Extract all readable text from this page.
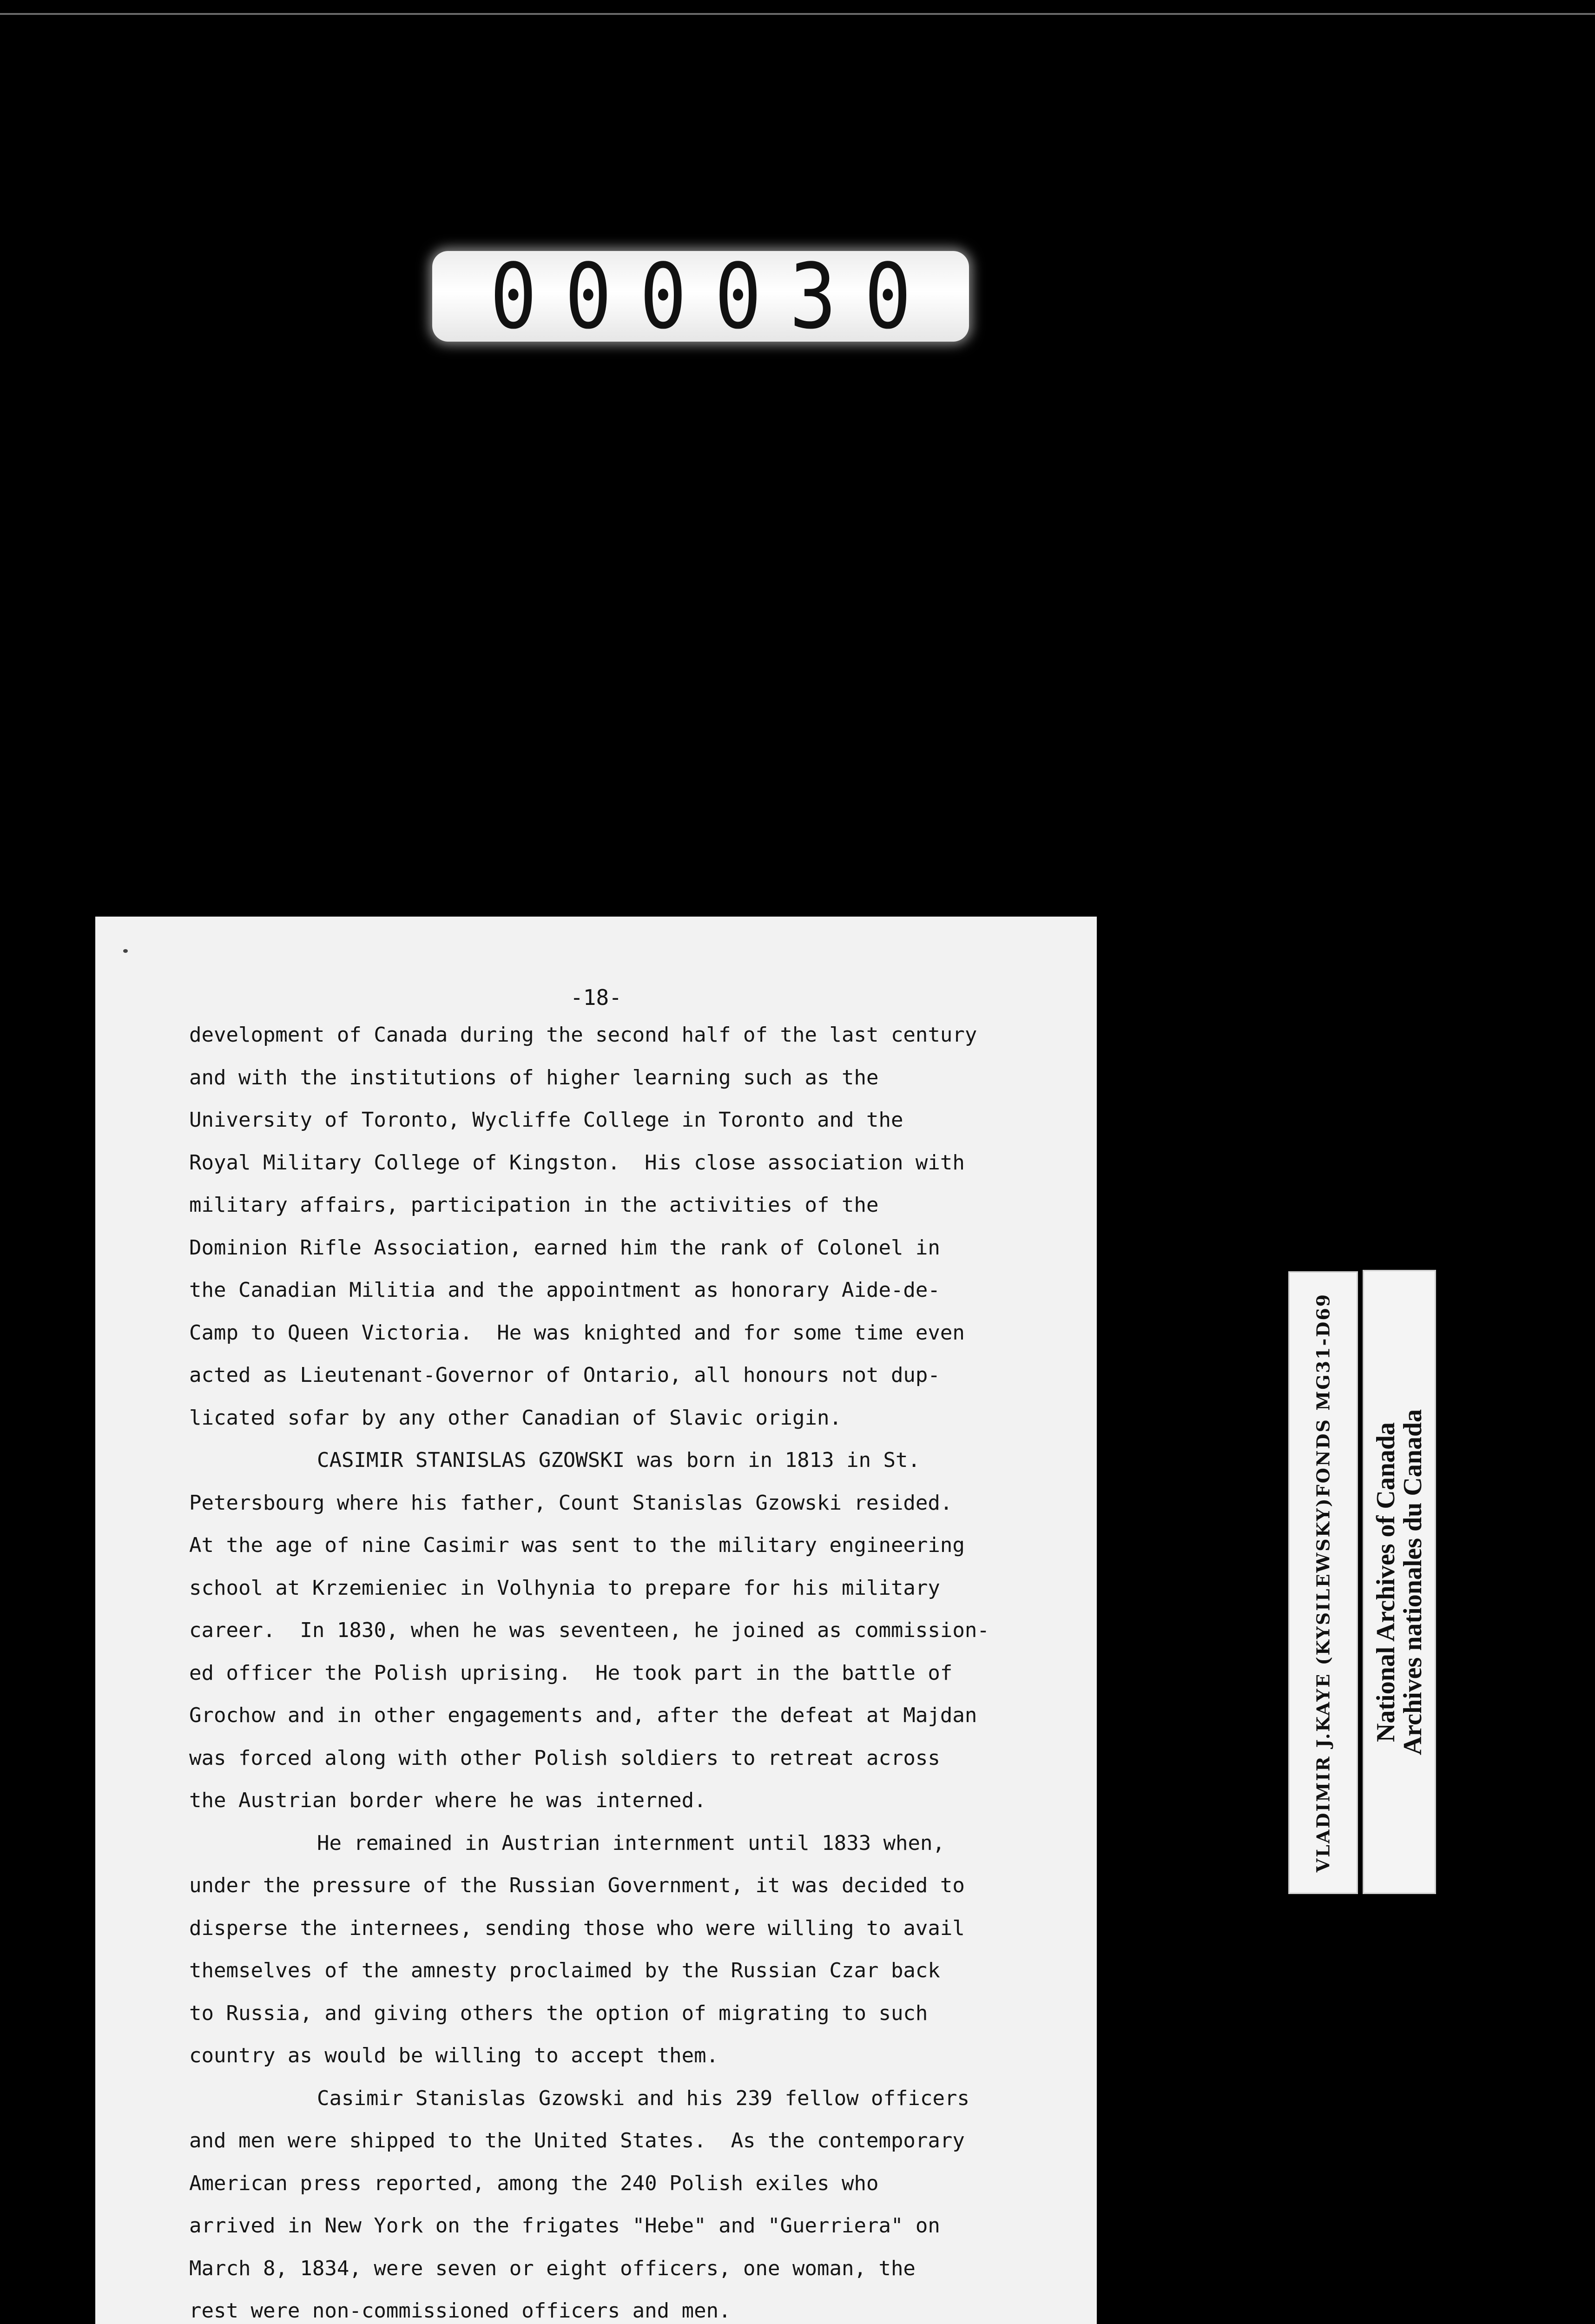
000030
-18-
development of Canada during the second half of the last century
and with the institutions of higher learning such as the
University of Toronto, Wycliffe College in Toronto and the
Royal Military College of Kingston.  His close association with
military affairs, participation in the activities of the
Dominion Rifle Association, earned him the rank of Colonel in
the Canadian Militia and the appointment as honorary Aide-de-
Camp to Queen Victoria.  He was knighted and for some time even
acted as Lieutenant-Governor of Ontario, all honours not dup-
licated sofar by any other Canadian of Slavic origin.
CASIMIR STANISLAS GZOWSKI was born in 1813 in St.
Petersbourg where his father, Count Stanislas Gzowski resided.
At the age of nine Casimir was sent to the military engineering
school at Krzemieniec in Volhynia to prepare for his military
career.  In 1830, when he was seventeen, he joined as commission-
ed officer the Polish uprising.  He took part in the battle of
Grochow and in other engagements and, after the defeat at Majdan
was forced along with other Polish soldiers to retreat across
the Austrian border where he was interned.
He remained in Austrian internment until 1833 when,
under the pressure of the Russian Government, it was decided to
disperse the internees, sending those who were willing to avail
themselves of the amnesty proclaimed by the Russian Czar back
to Russia, and giving others the option of migrating to such
country as would be willing to accept them.
Casimir Stanislas Gzowski and his 239 fellow officers
and men were shipped to the United States.  As the contemporary
American press reported, among the 240 Polish exiles who
arrived in New York on the frigates "Hebe" and "Guerriera" on
March 8, 1834, were seven or eight officers, one woman, the
rest were non-commissioned officers and men.
VLADIMIR J.KAYE (KYSILEWSKY)FONDS MG31-D69 National Archives of Canada
Archives nationales du Canada
